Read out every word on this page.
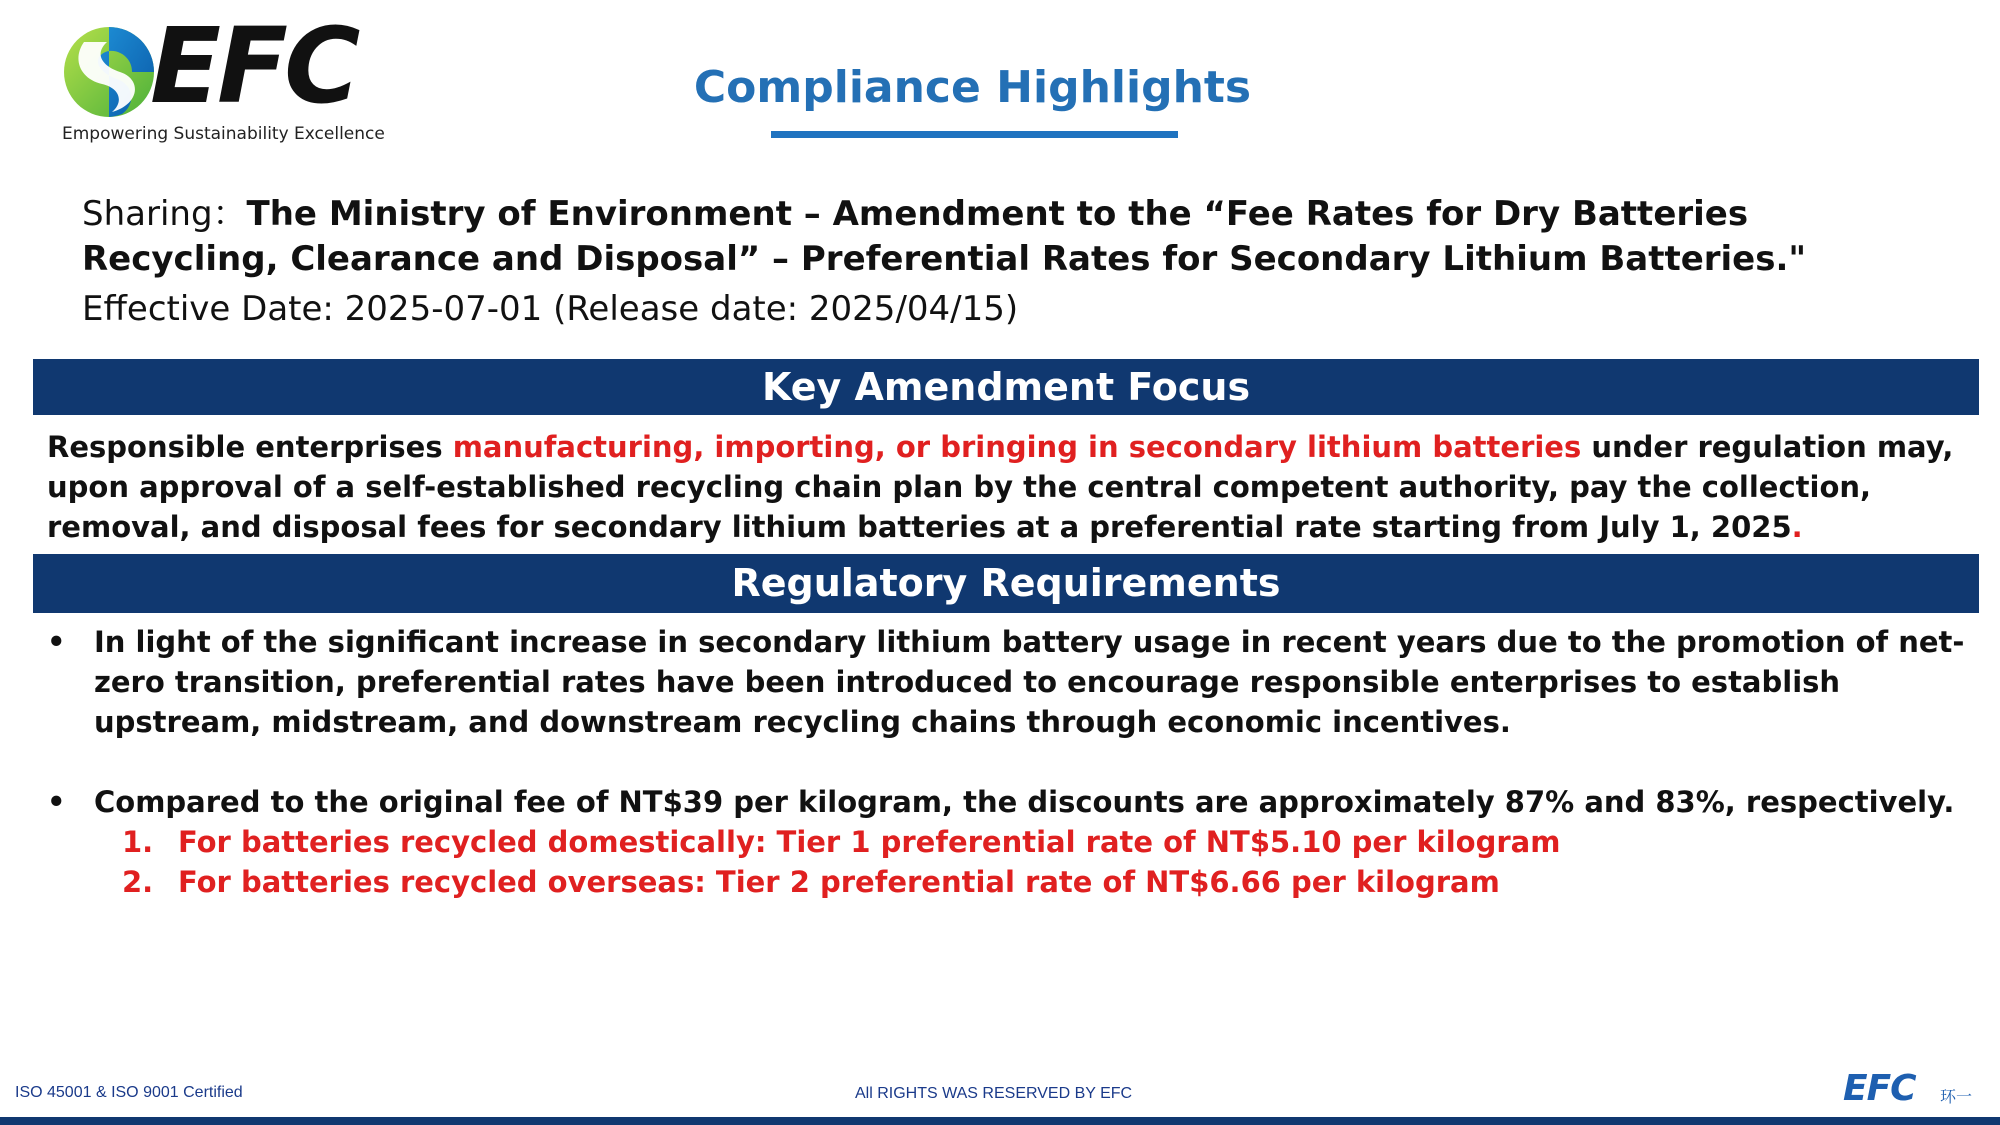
EFC
Empowering Sustainability Excellence
Compliance Highlights
Sharing：The Ministry of Environment – Amendment to the “Fee Rates for Dry Batteries Recycling, Clearance and Disposal” – Preferential Rates for Secondary Lithium Batteries."
Effective Date: 2025-07-01 (Release date: 2025/04/15)
Key Amendment Focus
Responsible enterprises manufacturing, importing, or bringing in secondary lithium batteries under regulation may, upon approval of a self-established recycling chain plan by the central competent authority, pay the collection, removal, and disposal fees for secondary lithium batteries at a preferential rate starting from July 1, 2025.
Regulatory Requirements
• In light of the significant increase in secondary lithium battery usage in recent years due to the promotion of net-zero transition, preferential rates have been introduced to encourage responsible enterprises to establish upstream, midstream, and downstream recycling chains through economic incentives.
• Compared to the original fee of NT$39 per kilogram, the discounts are approximately 87% and 83%, respectively.
1. For batteries recycled domestically: Tier 1 preferential rate of NT$5.10 per kilogram
2. For batteries recycled overseas: Tier 2 preferential rate of NT$6.66 per kilogram
ISO 45001 & ISO 9001 Certified	All RIGHTS WAS RESERVED BY EFC	EFC 环一
